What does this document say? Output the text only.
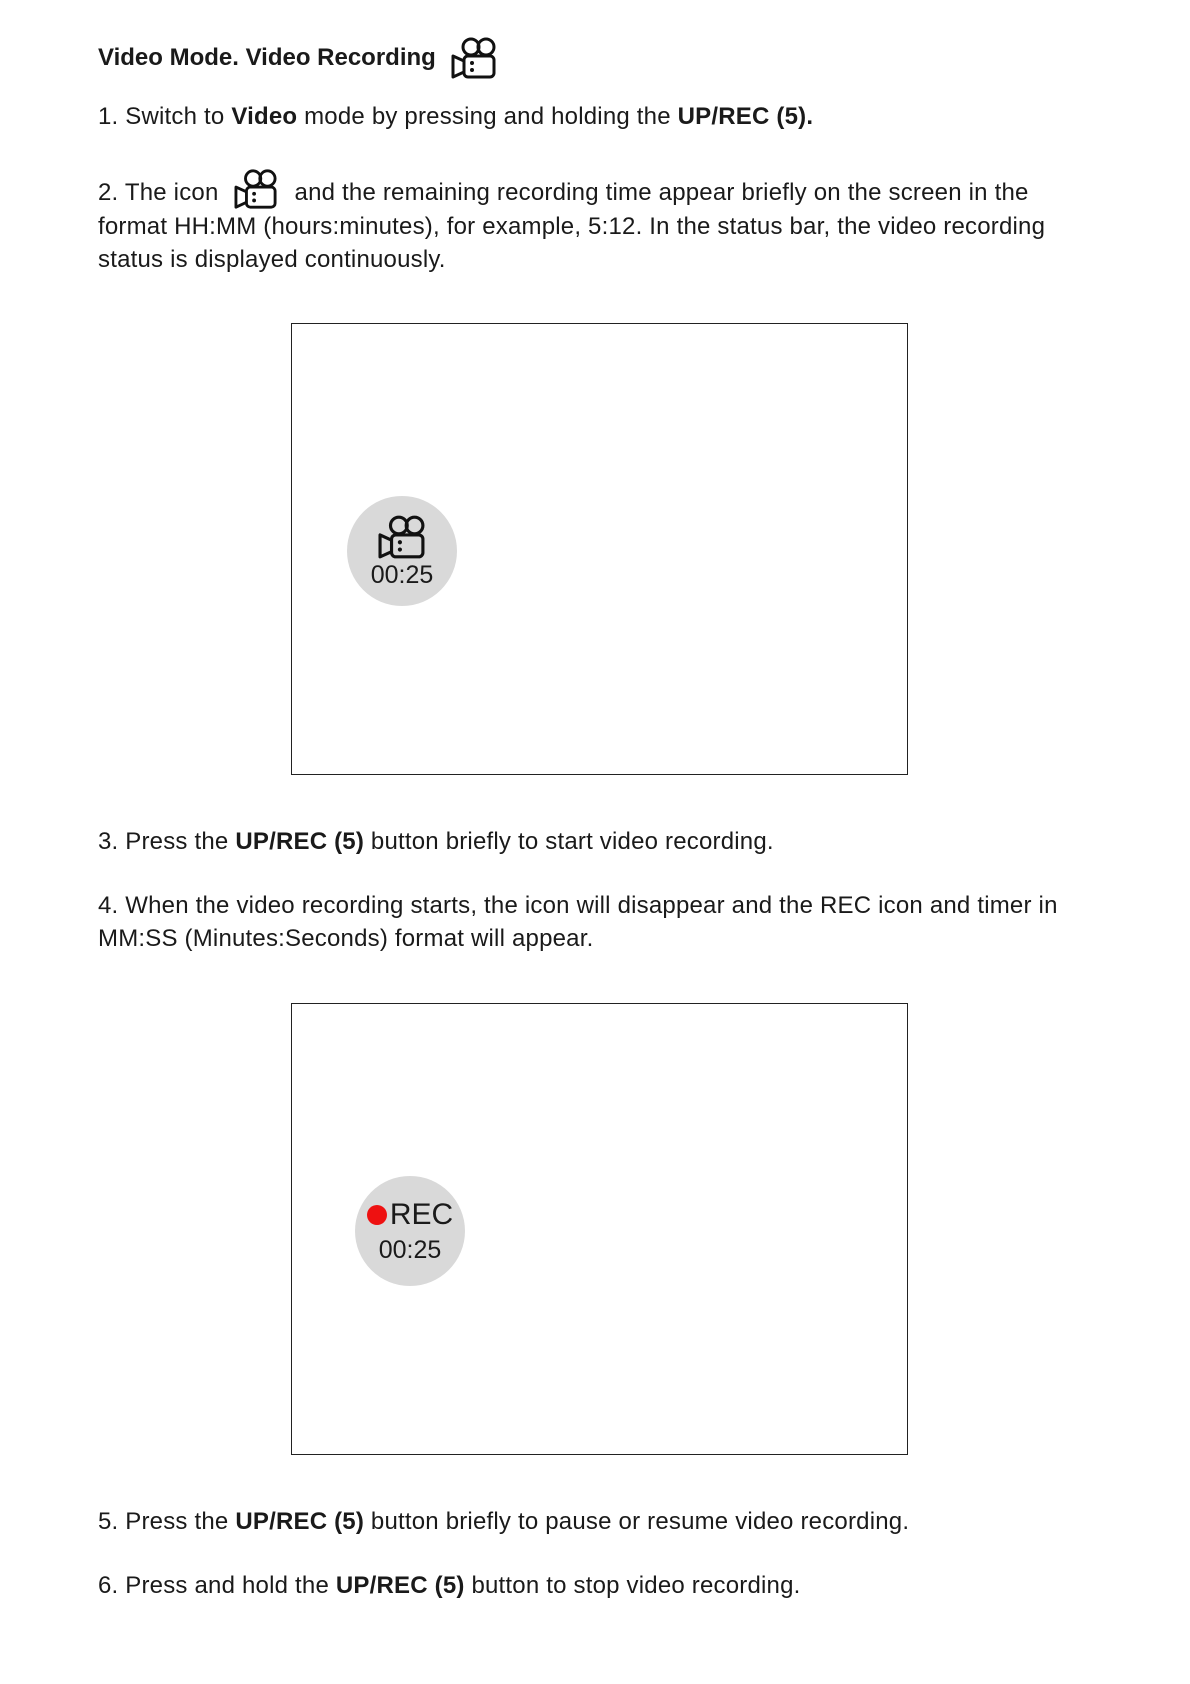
Video Mode. Video Recording
1. Switch to Video mode by pressing and holding the UP/REC (5).
2. The icon	and the remaining recording time appear briefly on the screen in the format HH:MM (hours:minutes), for example, 5:12. In the status bar, the video recording status is displayed continuously.
00:25
3. Press the UP/REC (5) button briefly to start video recording.
4. When the video recording starts, the icon will disappear and the REC icon and timer in MM:SS (Minutes:Seconds) format will appear.
REC
00:25
5. Press the UP/REC (5) button briefly to pause or resume video recording.
6. Press and hold the UP/REC (5) button to stop video recording.
